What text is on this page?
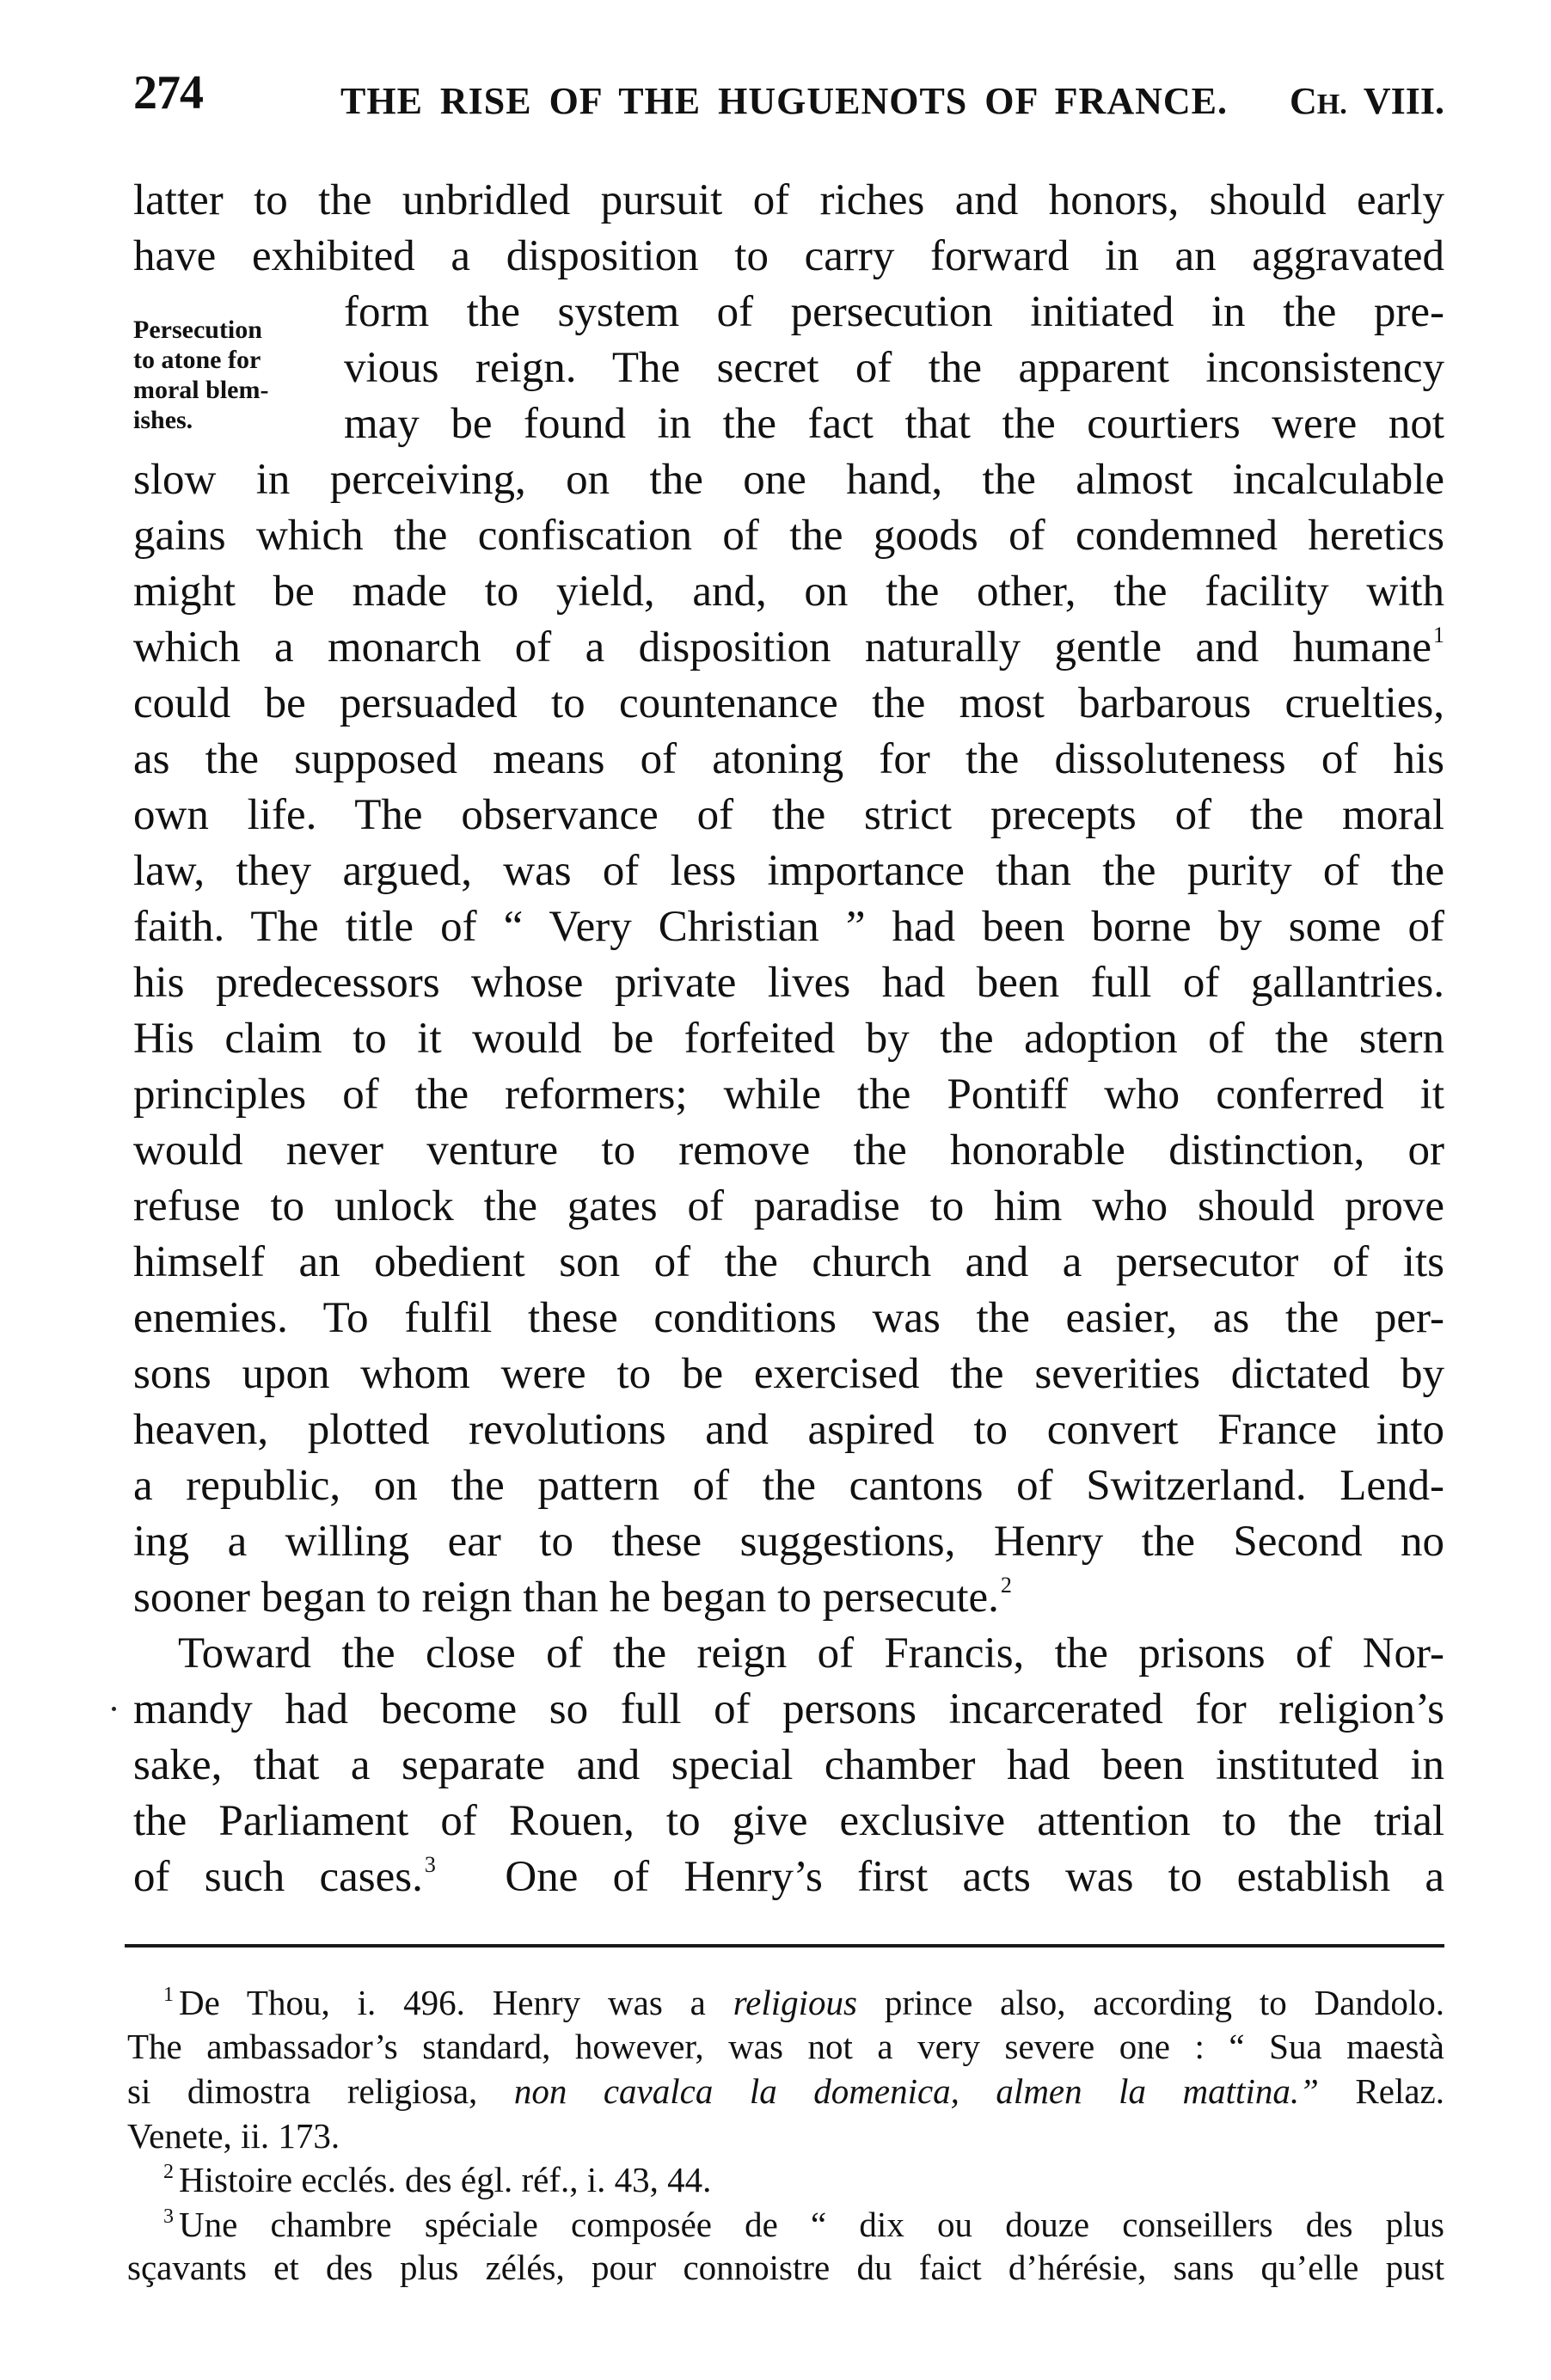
274	THE RISE OF THE HUGUENOTS OF FRANCE. CH. VIII.
Persecution
to atone for
moral blem-
ishes.
latter to the unbridled pursuit of riches and honors, should early
have exhibited a disposition to carry forward in an aggravated
form the system of persecution initiated in the pre-
vious reign. The secret of the apparent inconsistency
may be found in the fact that the courtiers were not
slow in perceiving, on the one hand, the almost incalculable
gains which the confiscation of the goods of condemned heretics
might be made to yield, and, on the other, the facility with
which a monarch of a disposition naturally gentle and humane$^1$
could be persuaded to countenance the most barbarous cruelties,
as the supposed means of atoning for the dissoluteness of his
own life. The observance of the strict precepts of the moral
law, they argued, was of less importance than the purity of the
faith. The title of “ Very Christian ” had been borne by some of
his predecessors whose private lives had been full of gallantries.
His claim to it would be forfeited by the adoption of the stern
principles of the reformers; while the Pontiff who conferred it
would never venture to remove the honorable distinction, or
refuse to unlock the gates of paradise to him who should prove
himself an obedient son of the church and a persecutor of its
enemies. To fulfil these conditions was the easier, as the per-
sons upon whom were to be exercised the severities dictated by
heaven, plotted revolutions and aspired to convert France into
a republic, on the pattern of the cantons of Switzerland. Lend-
ing a willing ear to these suggestions, Henry the Second no
sooner began to reign than he began to persecute.$^2$
Toward the close of the reign of Francis, the prisons of Nor-
mandy had become so full of persons incarcerated for religion’s
sake, that a separate and special chamber had been instituted in
the Parliament of Rouen, to give exclusive attention to the trial
of such cases.$^3$ One of Henry’s first acts was to establish a
$^1$ De Thou, i. 496. Henry was a religious prince also, according to Dandolo.
The ambassador’s standard, however, was not a very severe one : “ Sua maestà
si dimostra religiosa, non cavalca la domenica, almen la mattina.” Relaz.
Venete, ii. 173.
$^2$ Histoire ecclés. des égl. réf., i. 43, 44.
$^3$ Une chambre spéciale composée de “ dix ou douze conseillers des plus
sçavants et des plus zélés, pour connoistre du faict d’hérésie, sans qu’elle pust
